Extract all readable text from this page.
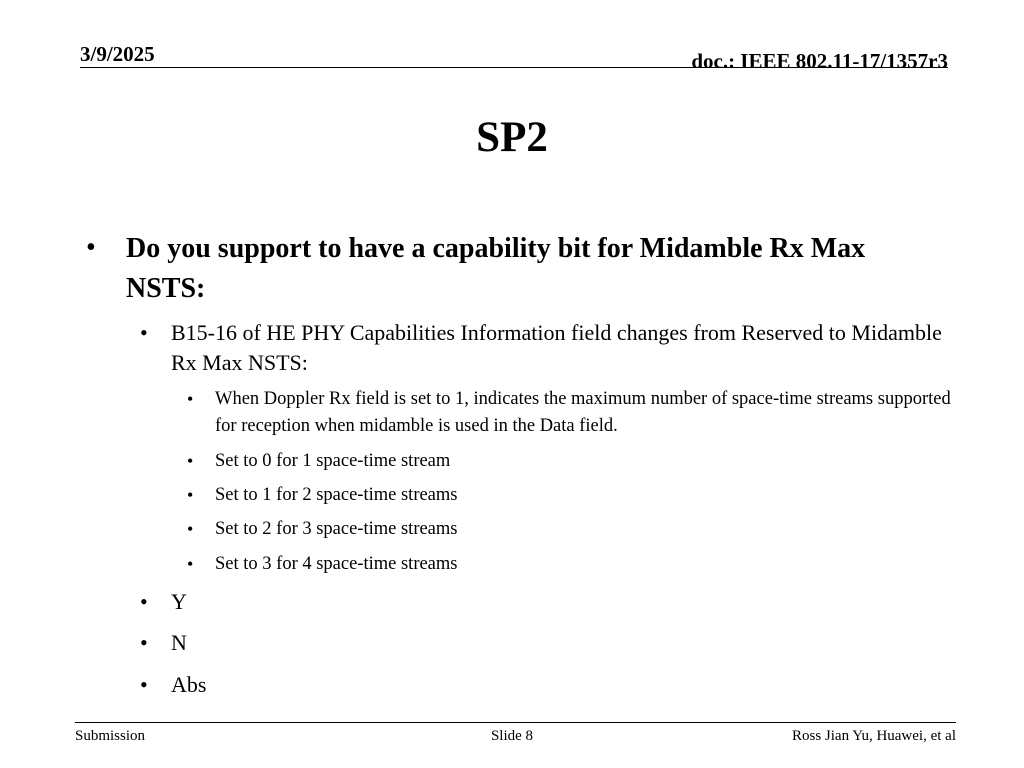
3/9/2025	doc.: IEEE 802.11-17/1357r3
SP2
• Do you support to have a capability bit for Midamble Rx Max NSTS:
• B15-16 of HE PHY Capabilities Information field changes from Reserved to Midamble Rx Max NSTS:
• When Doppler Rx field is set to 1, indicates the maximum number of space-time streams supported for reception when midamble is used in the Data field.
• Set to 0 for 1 space-time stream
• Set to 1 for 2 space-time streams
• Set to 2 for 3 space-time streams
• Set to 3 for 4 space-time streams
• Y
• N
• Abs
Submission	Slide 8	Ross Jian Yu, Huawei, et al
